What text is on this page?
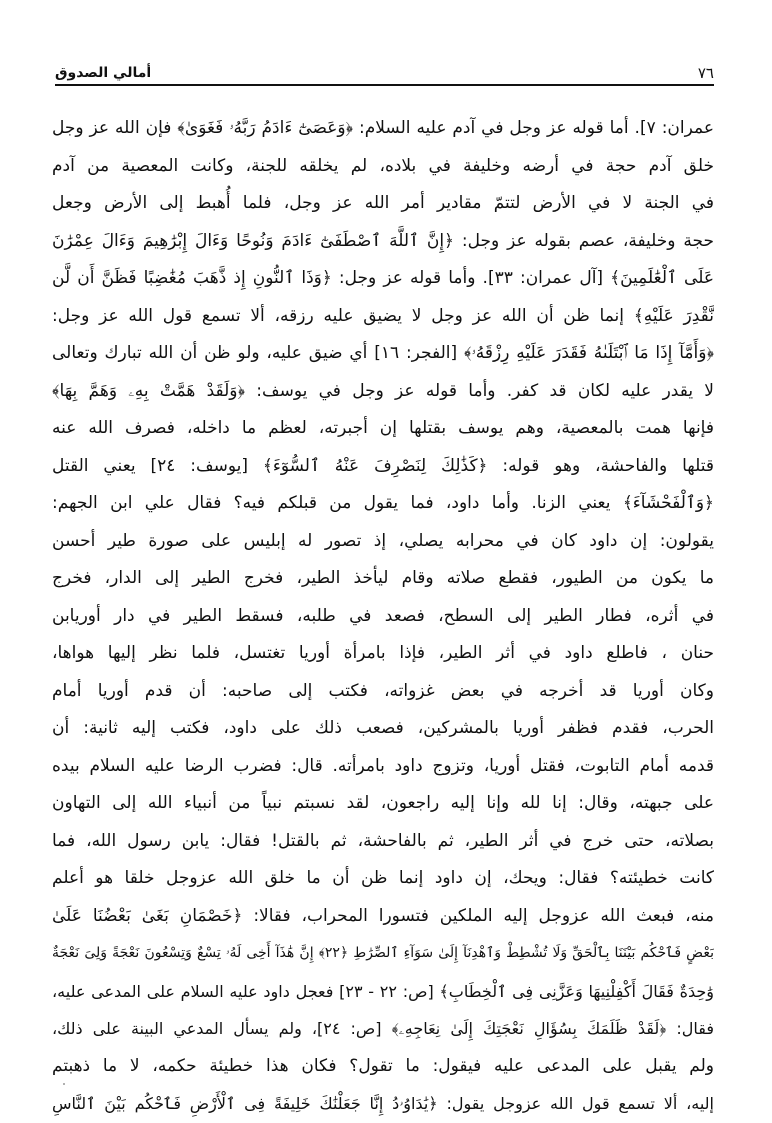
٧٦
أمالي الصدوق
عمران: ٧]. أما قوله عز وجل في آدم عليه السلام: ﴿وَعَصَىٰٓ ءَادَمُ رَبَّهُۥ فَغَوَىٰ﴾ فإن الله عز وجل
خلق آدم حجة في أرضه وخليفة في بلاده، لم يخلقه للجنة، وكانت المعصية من آدم
في الجنة لا في الأرض لتتمّ مقادير أمر الله عز وجل، فلما أُهبط إلى الأرض وجعل
حجة وخليفة، عصم بقوله عز وجل: ﴿إِنَّ ٱللَّهَ ٱصْطَفَىٰٓ ءَادَمَ وَنُوحًا وَءَالَ إِبْرَٰهِيمَ وَءَالَ عِمْرَٰنَ
عَلَى ٱلْعَٰلَمِينَ﴾ [آل عمران: ٣٣]. وأما قوله عز وجل: ﴿وَذَا ٱلنُّونِ إِذ ذَّهَبَ مُغَٰضِبًا فَظَنَّ أَن لَّن
نَّقْدِرَ عَلَيْهِ﴾ إنما ظن أن الله عز وجل لا يضيق عليه رزقه، ألا تسمع قول الله عز وجل:
﴿وَأَمَّآ إِذَا مَا ٱبْتَلَىٰهُ فَقَدَرَ عَلَيْهِ رِزْقَهُۥ﴾ [الفجر: ١٦] أي ضيق عليه، ولو ظن أن الله تبارك وتعالى
لا يقدر عليه لكان قد كفر. وأما قوله عز وجل في يوسف: ﴿وَلَقَدْ هَمَّتْ بِهِۦ وَهَمَّ بِهَا﴾
فإنها همت بالمعصية، وهم يوسف بقتلها إن أجبرته، لعظم ما داخله، فصرف الله عنه
قتلها والفاحشة، وهو قوله: ﴿كَذَٰلِكَ لِنَصْرِفَ عَنْهُ ٱلسُّوٓءَ﴾ [يوسف: ٢٤] يعني القتل
﴿وَٱلْفَحْشَآءَ﴾ يعني الزنا. وأما داود، فما يقول من قبلكم فيه؟ فقال علي ابن الجهم:
يقولون: إن داود كان في محرابه يصلي، إذ تصور له إبليس على صورة طير أحسن
ما يكون من الطيور، فقطع صلاته وقام ليأخذ الطير، فخرج الطير إلى الدار، فخرج
في أثره، فطار الطير إلى السطح، فصعد في طلبه، فسقط الطير في دار أوريابن
حنان ، فاطلع داود في أثر الطير، فإذا بامرأة أوريا تغتسل، فلما نظر إليها هواها،
وكان أوريا قد أخرجه في بعض غزواته، فكتب إلى صاحبه: أن قدم أوريا أمام
الحرب، فقدم فظفر أوريا بالمشركين، فصعب ذلك على داود، فكتب إليه ثانية: أن
قدمه أمام التابوت، فقتل أوريا، وتزوج داود بامرأته. قال: فضرب الرضا عليه السلام بيده
على جبهته، وقال: إنا لله وإنا إليه راجعون، لقد نسبتم نبياً من أنبياء الله إلى التهاون
بصلاته، حتى خرج في أثر الطير، ثم بالفاحشة، ثم بالقتل! فقال: يابن رسول الله، فما
كانت خطيئته؟ فقال: ويحك، إن داود إنما ظن أن ما خلق الله عزوجل خلقا هو أعلم
منه، فبعث الله عزوجل إليه الملكين فتسورا المحراب، فقالا: ﴿خَصْمَانِ بَغَىٰ بَعْضُنَا عَلَىٰ
بَعْضٍ فَٱحْكُم بَيْنَنَا بِٱلْحَقِّ وَلَا تُشْطِطْ وَٱهْدِنَآ إِلَىٰ سَوَآءِ ٱلصِّرَٰطِ ﴿٢٢﴾ إِنَّ هَٰذَآ أَخِى لَهُۥ تِسْعٌ وَتِسْعُونَ نَعْجَةً وَلِىَ نَعْجَةٌ
وَٰحِدَةٌ فَقَالَ أَكْفِلْنِيهَا وَعَزَّنِى فِى ٱلْخِطَابِ﴾ [ص: ٢٢ - ٢٣] فعجل داود عليه السلام على المدعى عليه،
فقال: ﴿لَقَدْ ظَلَمَكَ بِسُؤَالِ نَعْجَتِكَ إِلَىٰ نِعَاجِهِۦ﴾ [ص: ٢٤]، ولم يسأل المدعي البينة على ذلك،
ولم يقبل على المدعى عليه فيقول: ما تقول؟ فكان هذا خطيئة حكمه، لا ما ذهبتم
إليه، ألا تسمع قول الله عزوجل يقول: ﴿يَٰدَاوُۥدُ إِنَّا جَعَلْنَٰكَ خَلِيفَةً فِى ٱلْأَرْضِ فَٱحْكُم بَيْنَ ٱلنَّاسِ
